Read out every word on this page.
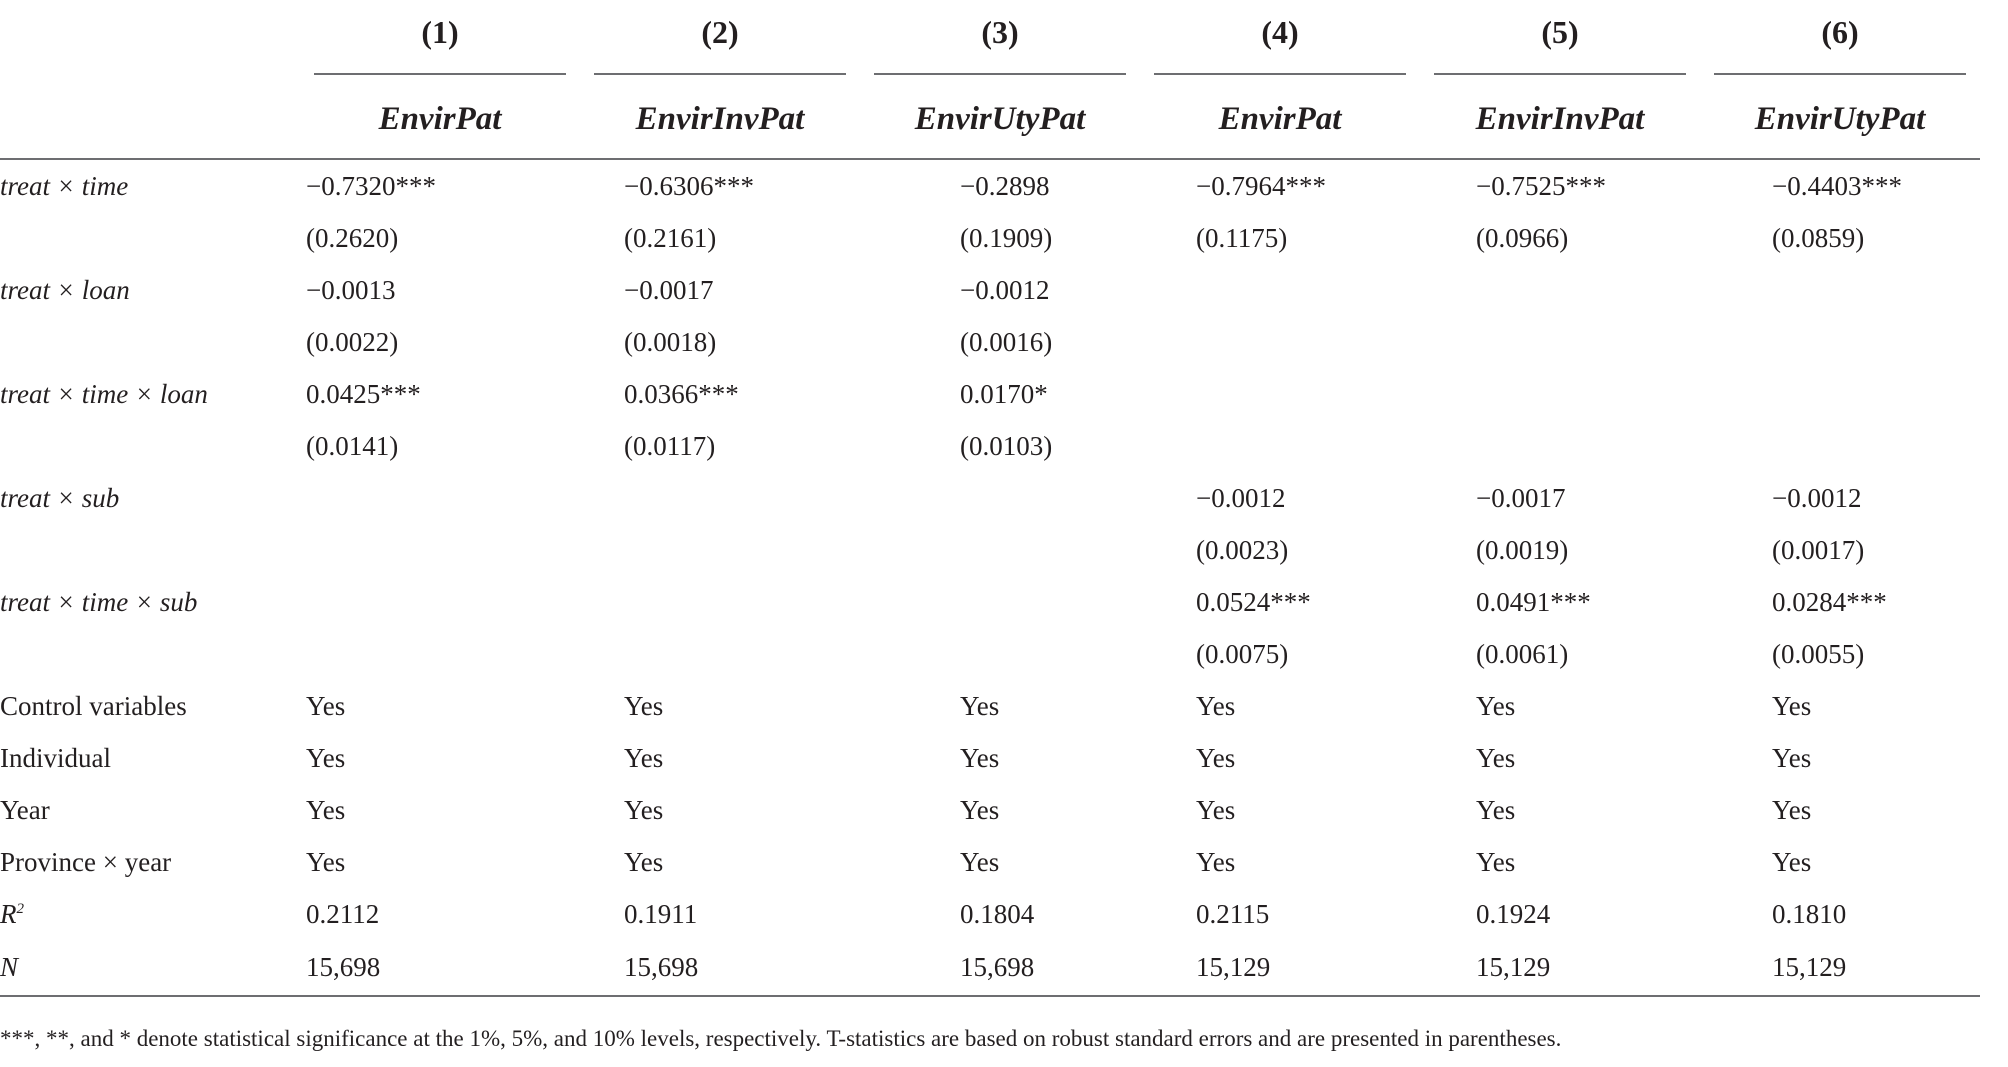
	(1)	(2)	(3)	(4)	(5)	(6)

	EnvirPat	EnvirInvPat	EnvirUtyPat	EnvirPat	EnvirInvPat	EnvirUtyPat
treat × time	−0.7320***	−0.6306***	−0.2898	−0.7964***	−0.7525***	−0.4403***
	(0.2620)	(0.2161)	(0.1909)	(0.1175)	(0.0966)	(0.0859)
treat × loan	−0.0013	−0.0017	−0.0012			
	(0.0022)	(0.0018)	(0.0016)			
treat × time × loan	0.0425***	0.0366***	0.0170*			
	(0.0141)	(0.0117)	(0.0103)			
treat × sub				−0.0012	−0.0017	−0.0012
				(0.0023)	(0.0019)	(0.0017)
treat × time × sub				0.0524***	0.0491***	0.0284***
				(0.0075)	(0.0061)	(0.0055)
Control variables	Yes	Yes	Yes	Yes	Yes	Yes
Individual	Yes	Yes	Yes	Yes	Yes	Yes
Year	Yes	Yes	Yes	Yes	Yes	Yes
Province × year	Yes	Yes	Yes	Yes	Yes	Yes
$R^2$	0.2112	0.1911	0.1804	0.2115	0.1924	0.1810
N	15,698	15,698	15,698	15,129	15,129	15,129
***, **, and * denote statistical significance at the 1%, 5%, and 10% levels, respectively. T-statistics are based on robust standard errors and are presented in parentheses.
